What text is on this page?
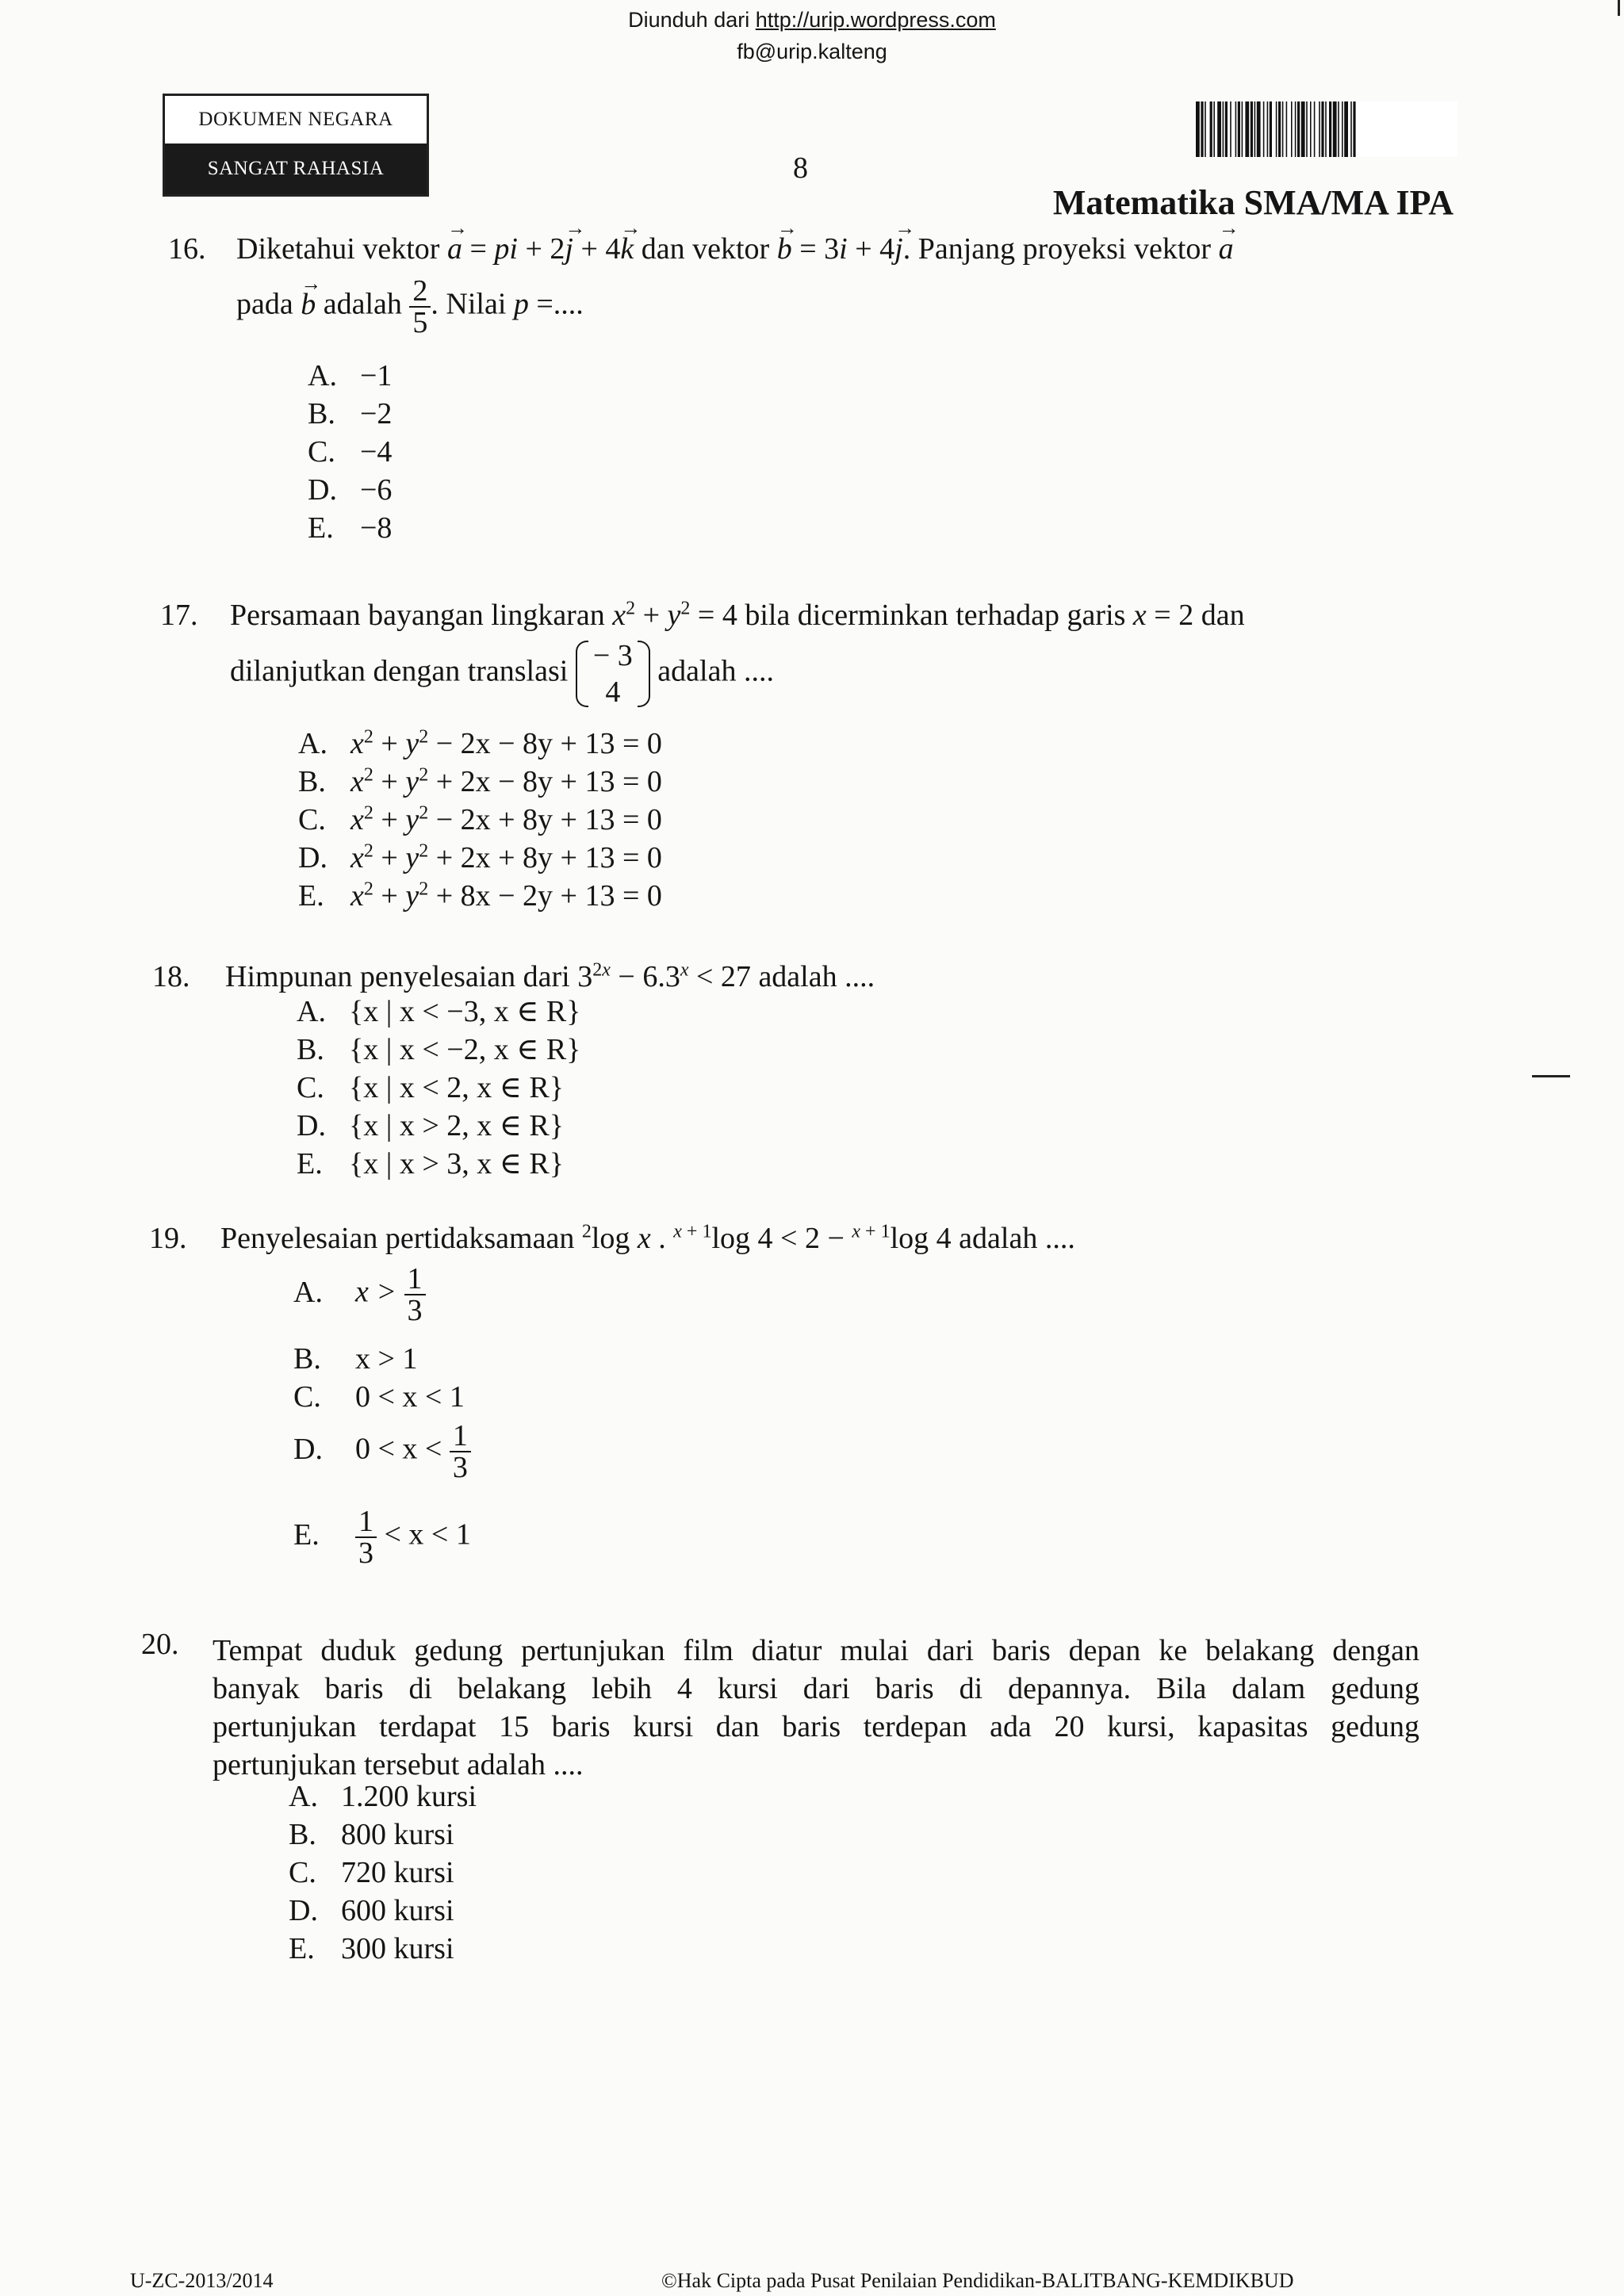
Diunduh dari http://urip.wordpress.com
fb@urip.kalteng
DOKUMEN NEGARA
SANGAT RAHASIA	8
Matematika SMA/MA IPA
16. Diketahui vektor → a = pi + 2→ j + 4→ k dan vektor → b = 3i + 4→ j. Panjang proyeksi vektor → a
pada → b adalah $\frac{2}{5}$ . Nilai p =....
A. −1
B. −2
C. −4
D. −6
E. −8
17. Persamaan bayangan lingkaran $x^2 + y^2 = 4$ bila dicerminkan terhadap garis x = 2 dan
dilanjutkan dengan translasi − 3
4
adalah ....
A. $x^2 + y^2 - 2x - 8y + 13 = 0$
B. $x^2 + y^2 + 2x - 8y + 13 = 0$
C. $x^2 + y^2 - 2x + 8y + 13 = 0$
D. $x^2 + y^2 + 2x + 8y + 13 = 0$
E. $x^2 + y^2 + 8x - 2y + 13 = 0$
18. Himpunan penyelesaian dari $3^{2x} - 6.3^x < 27$ adalah ....
A. {x | x < −3, x ∈ R}
B. {x | x < −2, x ∈ R}
C. {x | x < 2, x ∈ R}
D. {x | x > 2, x ∈ R}
E. {x | x > 3, x ∈ R}
19. Penyelesaian pertidaksamaan $^2$log x . $^{x + 1}$log 4 < 2 − $^{x + 1}$log 4 adalah ....
A. $x > \frac{1}{3}$
B. x > 1
C. 0 < x < 1
D. $0 < x < \frac{1}{3}$
E. $\frac{1}{3} < x < 1$
20. Tempat duduk gedung pertunjukan film diatur mulai dari baris depan ke belakang dengan
banyak baris di belakang lebih 4 kursi dari baris di depannya. Bila dalam gedung
pertunjukan terdapat 15 baris kursi dan baris terdepan ada 20 kursi, kapasitas gedung
pertunjukan tersebut adalah ....
A. 1.200 kursi
B. 800 kursi
C. 720 kursi
D. 600 kursi
E. 300 kursi
U-ZC-2013/2014	©Hak Cipta pada Pusat Penilaian Pendidikan-BALITBANG-KEMDIKBUD
